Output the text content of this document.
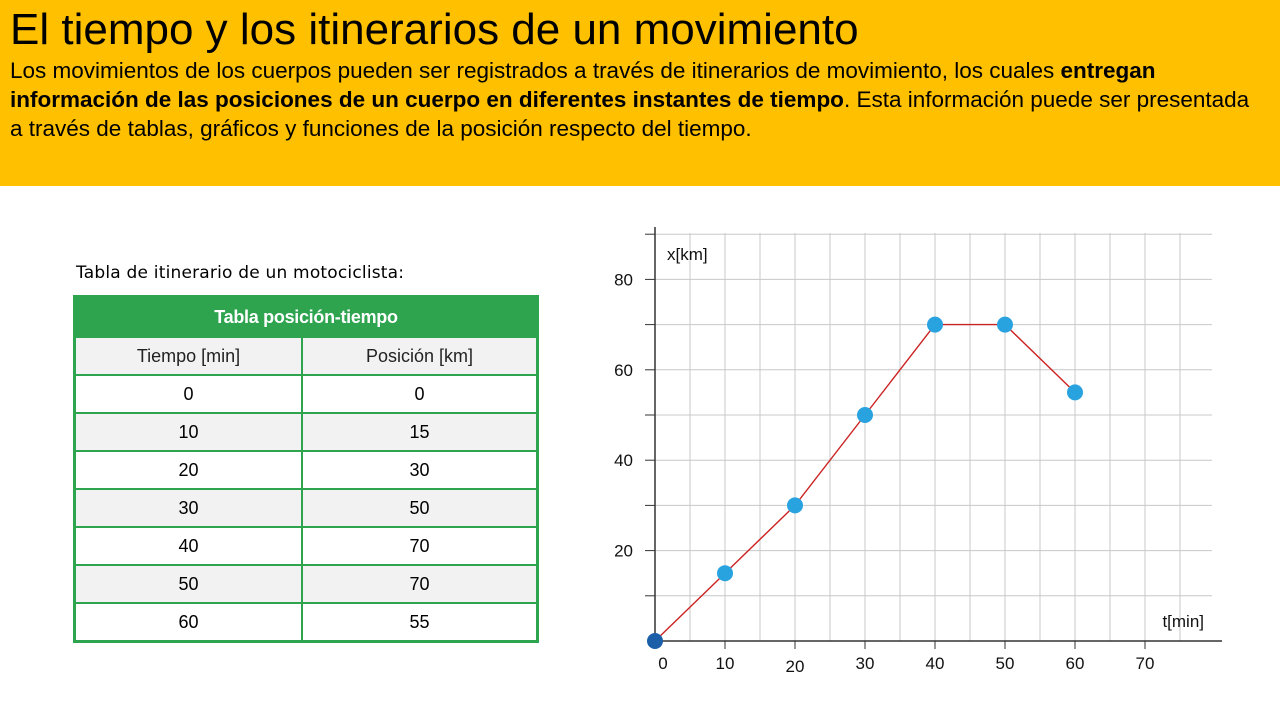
El tiempo y los itinerarios de un movimiento

Los movimientos de los cuerpos pueden ser registrados a través de itinerarios de movimiento, los cuales entregan información de las posiciones de un cuerpo en diferentes instantes de tiempo. Esta información puede ser presentada a través de tablas, gráficos y funciones de la posición respecto del tiempo.

Tabla de itinerario de un motociclista:
Tabla posición-tiempo	
Tiempo [min]	Posición [km]
0	0
10	15
20	30
30	50
40	70
50	70
60	55
20
40
60
80
0	10	20	30	40	50	60	70
x[km]
t[min]
